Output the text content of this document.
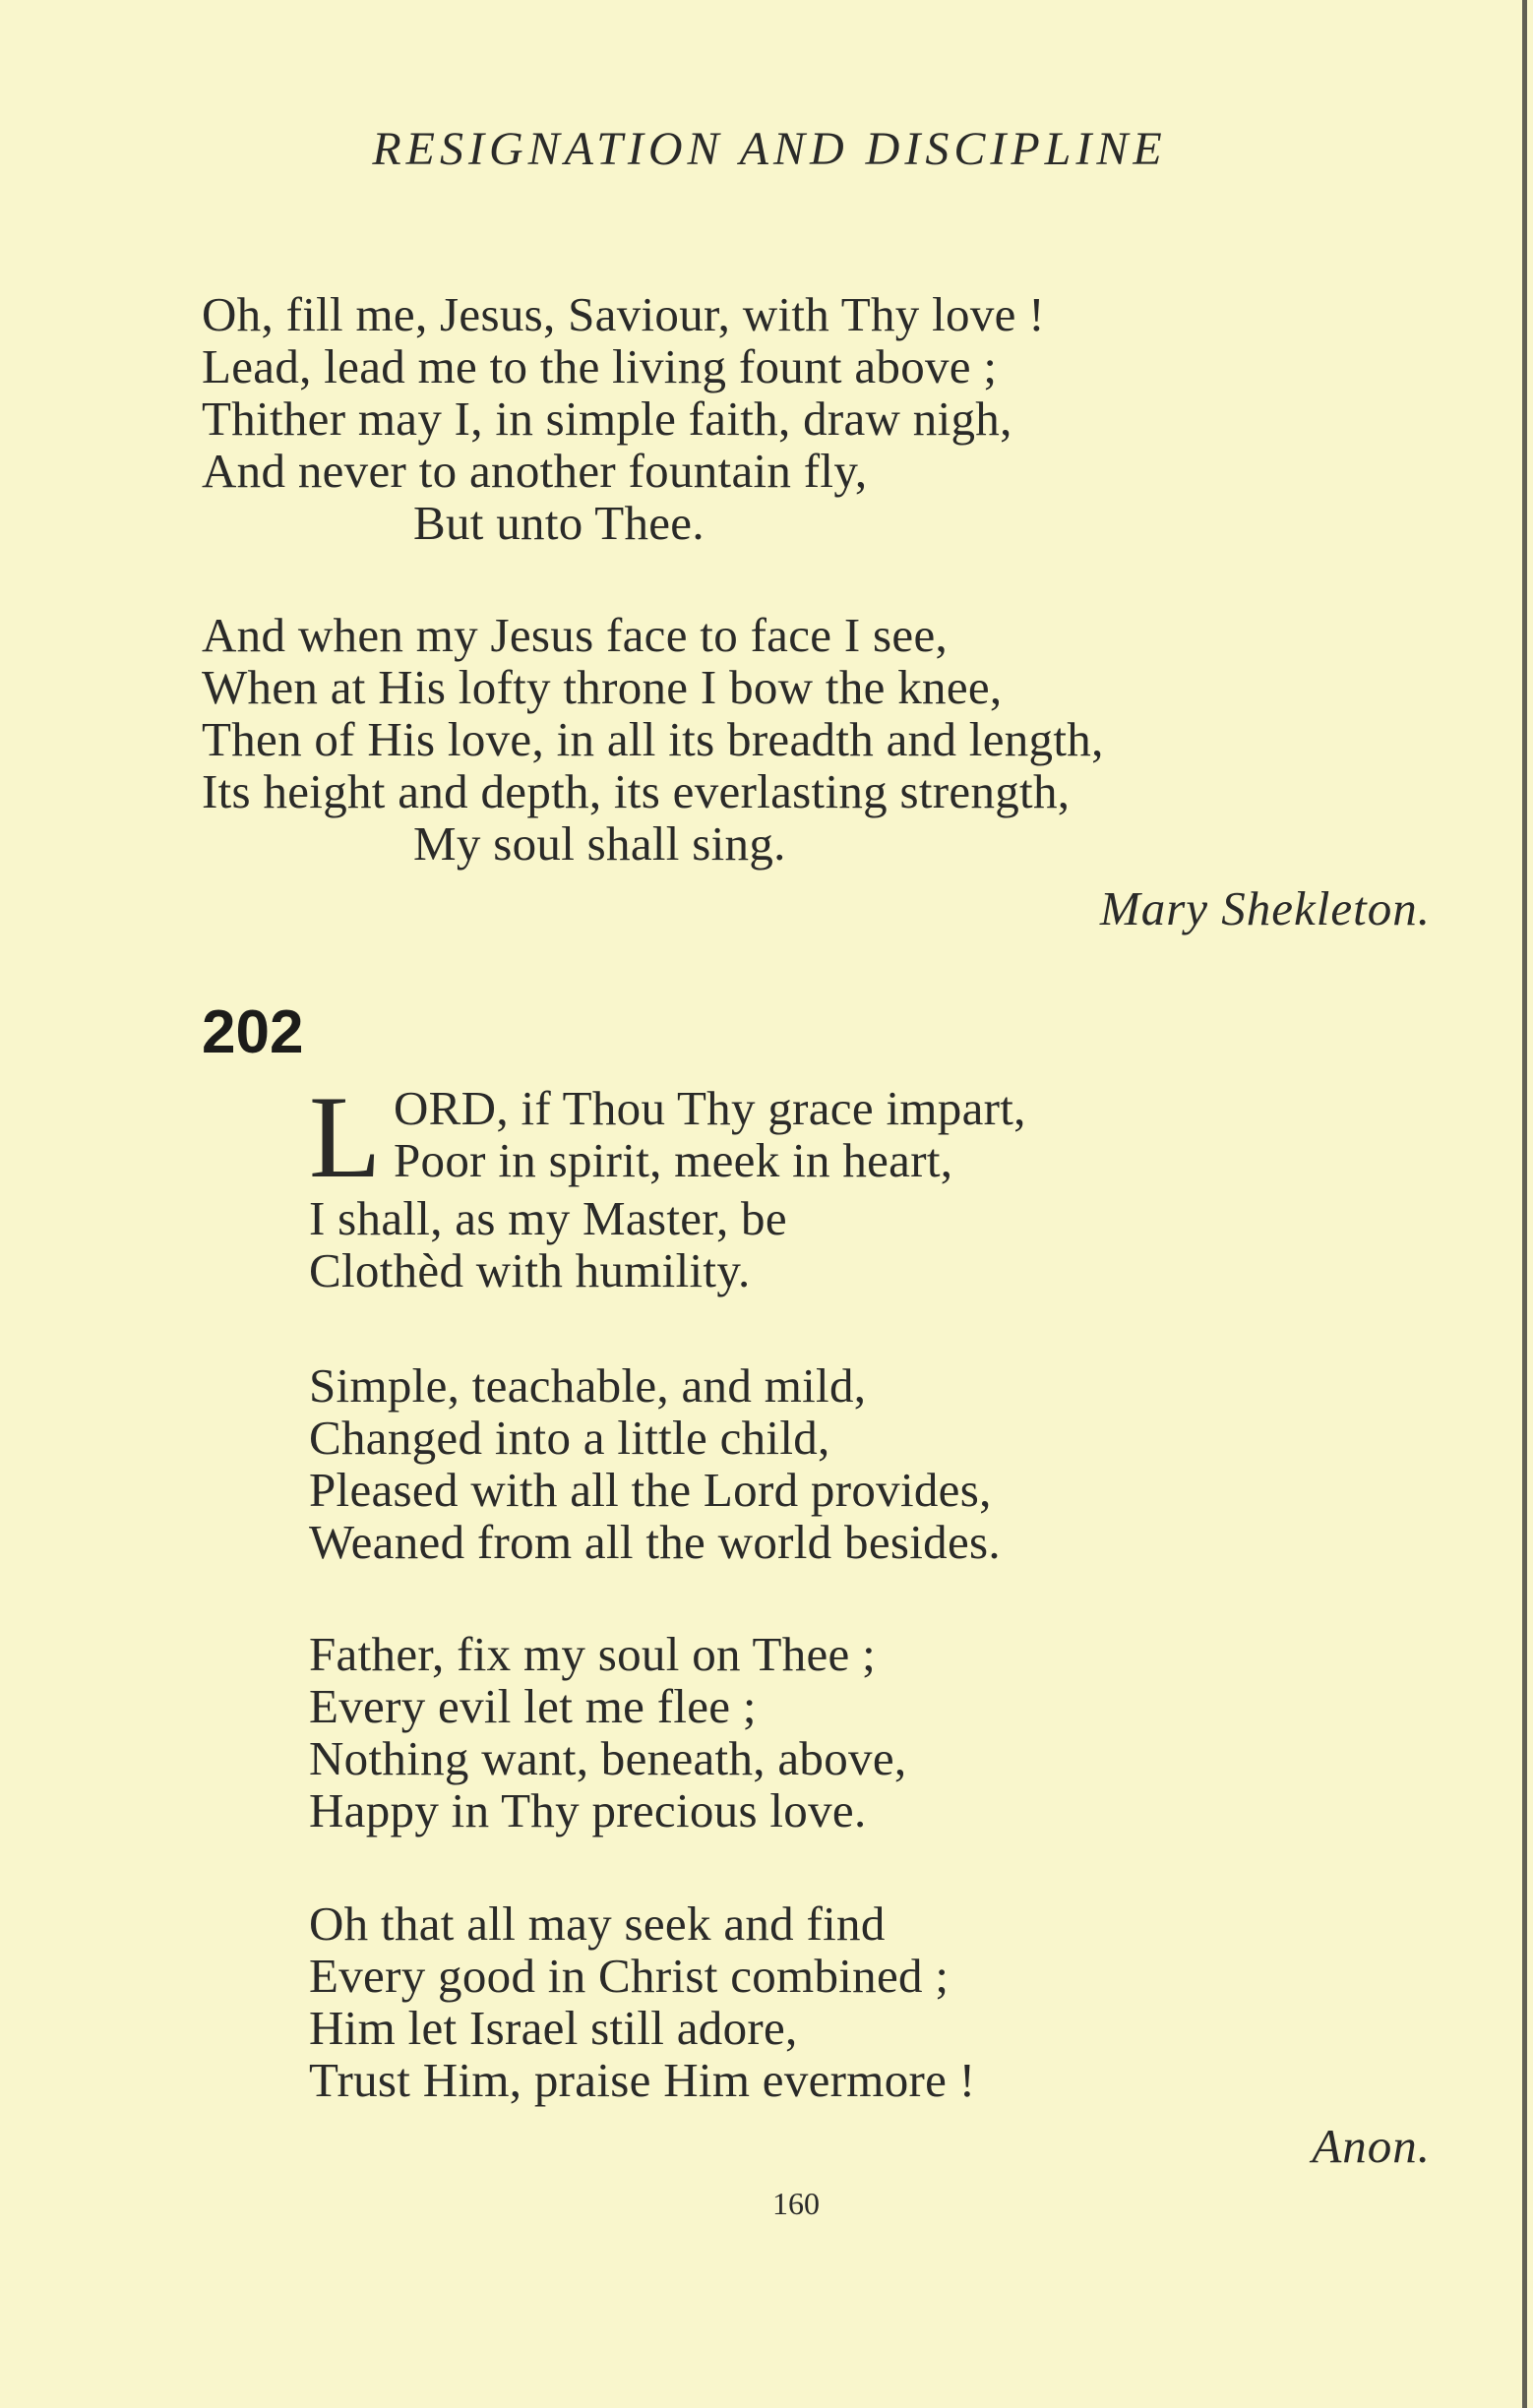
RESIGNATION AND DISCIPLINE
Oh, fill me, Jesus, Saviour, with Thy love !
Lead, lead me to the living fount above ;
Thither may I, in simple faith, draw nigh,
And never to another fountain fly,
But unto Thee.
And when my Jesus face to face I see,
When at His lofty throne I bow the knee,
Then of His love, in all its breadth and length,
Its height and depth, its everlasting strength,
My soul shall sing.

Mary Shekleton.

202
L ORD, if Thou Thy grace impart,
Poor in spirit, meek in heart,
I shall, as my Master, be
Clothèd with humility.
Simple, teachable, and mild,
Changed into a little child,
Pleased with all the Lord provides,
Weaned from all the world besides.
Father, fix my soul on Thee ;
Every evil let me flee ;
Nothing want, beneath, above,
Happy in Thy precious love.
Oh that all may seek and find
Every good in Christ combined ;
Him let Israel still adore,
Trust Him, praise Him evermore !

Anon.

160
